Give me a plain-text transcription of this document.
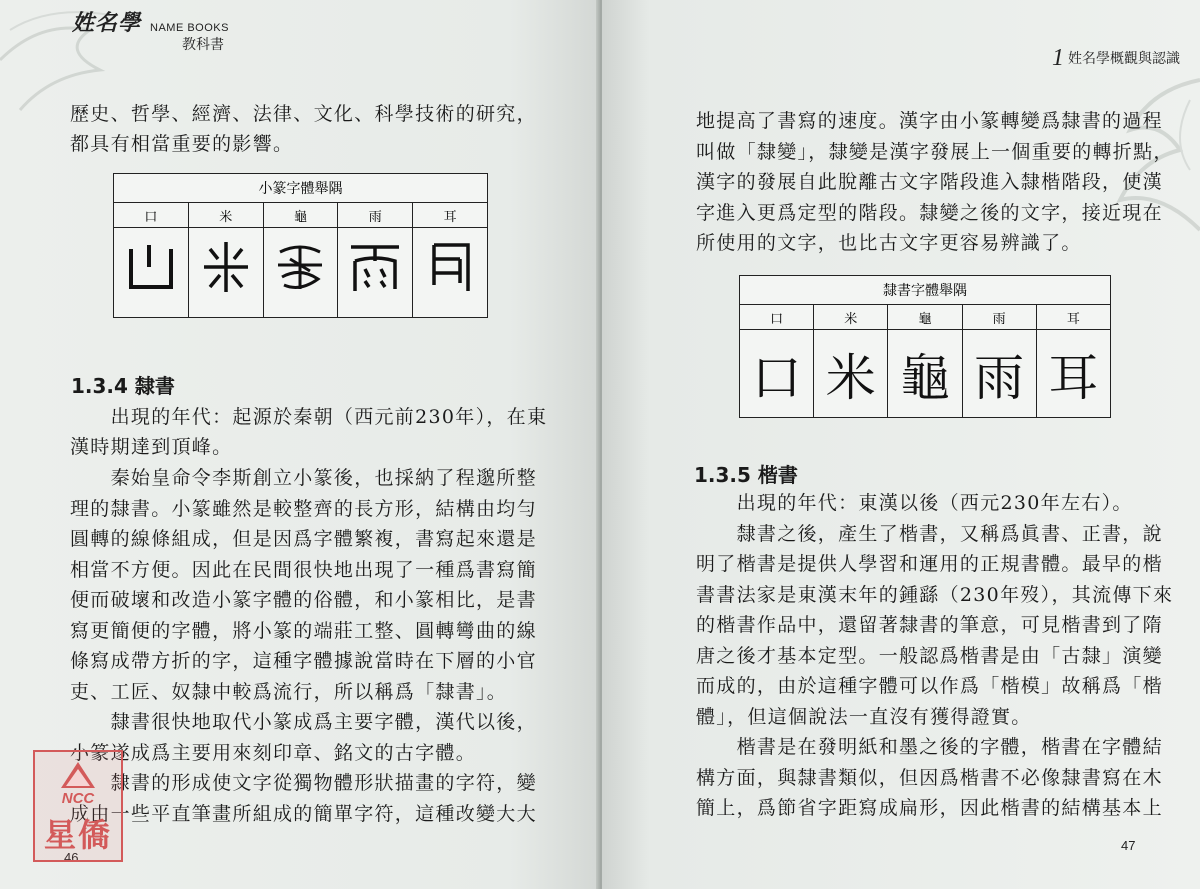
姓名學 NAME BOOKS
教科書

歷史、哲學、經濟、法律、文化、科學技術的研究，

都具有相當重要的影響。

小篆字體舉隅				
口	米	龜	雨	耳

1.3.4 隸書

　　出現的年代：起源於秦朝（西元前230年），在東

漢時期達到頂峰。

　　秦始皇命令李斯創立小篆後，也採納了程邈所整

理的隸書。小篆雖然是較整齊的長方形，結構由均勻

圓轉的線條組成，但是因爲字體繁複，書寫起來還是

相當不方便。因此在民間很快地出現了一種爲書寫簡

便而破壞和改造小篆字體的俗體，和小篆相比，是書

寫更簡便的字體，將小篆的端莊工整、圓轉彎曲的線

條寫成帶方折的字，這種字體據說當時在下層的小官

吏、工匠、奴隸中較爲流行，所以稱爲「隸書」。

　　隸書很快地取代小篆成爲主要字體，漢代以後，

小篆遂成爲主要用來刻印章、銘文的古字體。

　　隸書的形成使文字從獨物體形狀描畫的字符，變

成由一些平直筆畫所組成的簡單字符，這種改變大大

46
1 姓名學概觀與認識

地提高了書寫的速度。漢字由小篆轉變爲隸書的過程

叫做「隸變」，隸變是漢字發展上一個重要的轉折點，

漢字的發展自此脫離古文字階段進入隸楷階段，使漢

字進入更爲定型的階段。隸變之後的文字，接近現在

所使用的文字，也比古文字更容易辨識了。

隸書字體舉隅				
口	米	龜	雨	耳
口	米	龜	雨	耳
1.3.5 楷書

　　出現的年代：東漢以後（西元230年左右）。

　　隸書之後，產生了楷書，又稱爲眞書、正書，說

明了楷書是提供人學習和運用的正規書體。最早的楷

書書法家是東漢末年的鍾繇（230年歿），其流傳下來

的楷書作品中，還留著隸書的筆意，可見楷書到了隋

唐之後才基本定型。一般認爲楷書是由「古隸」演變

而成的，由於這種字體可以作爲「楷模」故稱爲「楷

體」，但這個說法一直沒有獲得證實。

　　楷書是在發明紙和墨之後的字體，楷書在字體結

構方面，與隸書類似，但因爲楷書不必像隸書寫在木

簡上，爲節省字距寫成扁形，因此楷書的結構基本上

47
NCC
星僑
